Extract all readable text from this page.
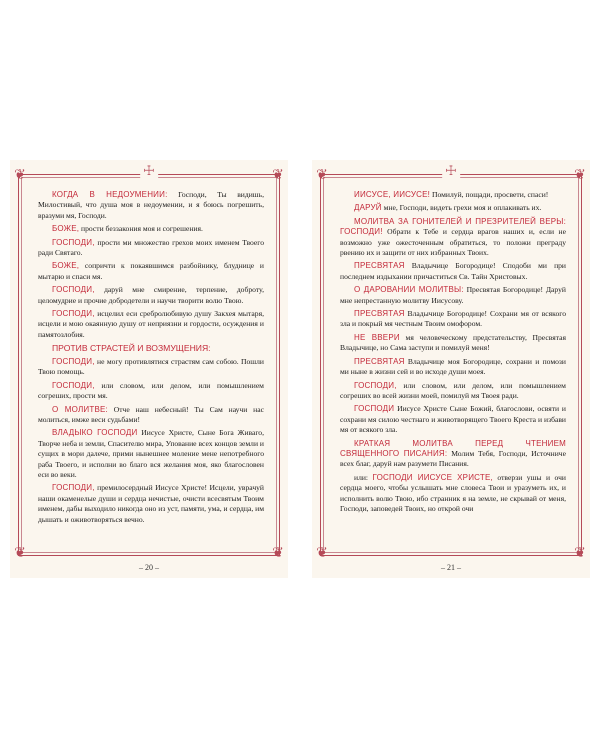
❦	❦
❦	❦
☩

КОГДА В НЕДОУМЕНИИ: Господи, Ты видишь, Милостивый, что душа моя в недоумении, и я боюсь погрешить, вразуми мя, Господи.

БОЖЕ, прости беззакония моя и согрешения.

ГОСПОДИ, прости ми множество грехов моих именем Твоего ради Святаго.

БОЖЕ, сопричти к покаявшимся разбойнику, блуднице и мытарю и спаси мя.

ГОСПОДИ, даруй мне смирение, терпение, доброту, целомудрие и прочие добродетели и научи творити волю Твою.

ГОСПОДИ, исцелил еси сребролюбивую душу Закхея мытаря, исцели и мою окаянную душу от неприязни и гордости, осуждения и памятозлобия.

ПРОТИВ СТРАСТЕЙ И ВОЗМУЩЕНИЯ:

ГОСПОДИ, не могу противлятися страстям сам собою. Пошли Твою помощь.

ГОСПОДИ, или словом, или делом, или помышлением согреших, прости мя.

О МОЛИТВЕ: Отче наш небесный! Ты Сам научи нас молиться, имже веси судьбами!

ВЛАДЫКО ГОСПОДИ Иисусе Христе, Сыне Бога Живаго, Творче неба и земли, Спасителю мира, Упование всех концов земли и сущих в мори далече, прими нынешнее моление мене непотребного раба Твоего, и исполни во благо вся желания моя, яко благословен еси во веки.

ГОСПОДИ, премилосердный Иисусе Христе! Исцели, уврачуй наши окаменелые души и сердца нечистые, очисти всесвятым Твоим именем, дабы выходило никогда оно из уст, памяти, ума, и сердца, им дышать и оживотворяться вечно.

– 20 –
❦	❦
❦	❦
☩

ИИСУСЕ, ИИСУСЕ! Помилуй, пощади, просвети, спаси!

ДАРУЙ мне, Господи, видеть грехи моя и оплакивать их.

МОЛИТВА ЗА ГОНИТЕЛЕЙ И ПРЕЗРИТЕЛЕЙ ВЕРЫ: ГОСПОДИ! Обрати к Тебе и сердца врагов наших и, если не возможно уже ожесточенным обратиться, то положи преграду рвению их и защити от них избранных Твоих.

ПРЕСВЯТАЯ Владычице Богородице! Сподоби ми при последнем издыхании причаститься Св. Тайн Христовых.

О ДАРОВАНИИ МОЛИТВЫ: Пресвятая Богородице! Даруй мне непрестанную молитву Иисусову.

ПРЕСВЯТАЯ Владычице Богородице! Сохрани мя от всякого зла и покрый мя честным Твоим омофором.

НЕ ВВЕРИ мя человеческому предстательству, Пресвятая Владычице, но Сама заступи и помилуй меня!

ПРЕСВЯТАЯ Владычице моя Богородице, сохрани и помози ми ныне в жизни сей и во исходе души моея.

ГОСПОДИ, или словом, или делом, или помышлением согреших во всей жизни моей, помилуй мя Твоея ради.

ГОСПОДИ Иисусе Христе Сыне Божий, благослови, освяти и сохрани мя силою честнаго и животворящего Твоего Креста и избави мя от всякого зла.

КРАТКАЯ МОЛИТВА ПЕРЕД ЧТЕНИЕМ СВЯЩЕННОГО ПИСАНИЯ: Молим Тебя, Господи, Источниче всех благ, даруй нам разумети Писания.

или: ГОСПОДИ ИИСУСЕ ХРИСТЕ, отверзи ушы и очи сердца моего, чтобы услышать мне словеса Твои и уразуметь их, и исполнить волю Твою, ибо странник я на земле, не скрывай от меня, Господи, заповедей Твоих, но открой очи

– 21 –
